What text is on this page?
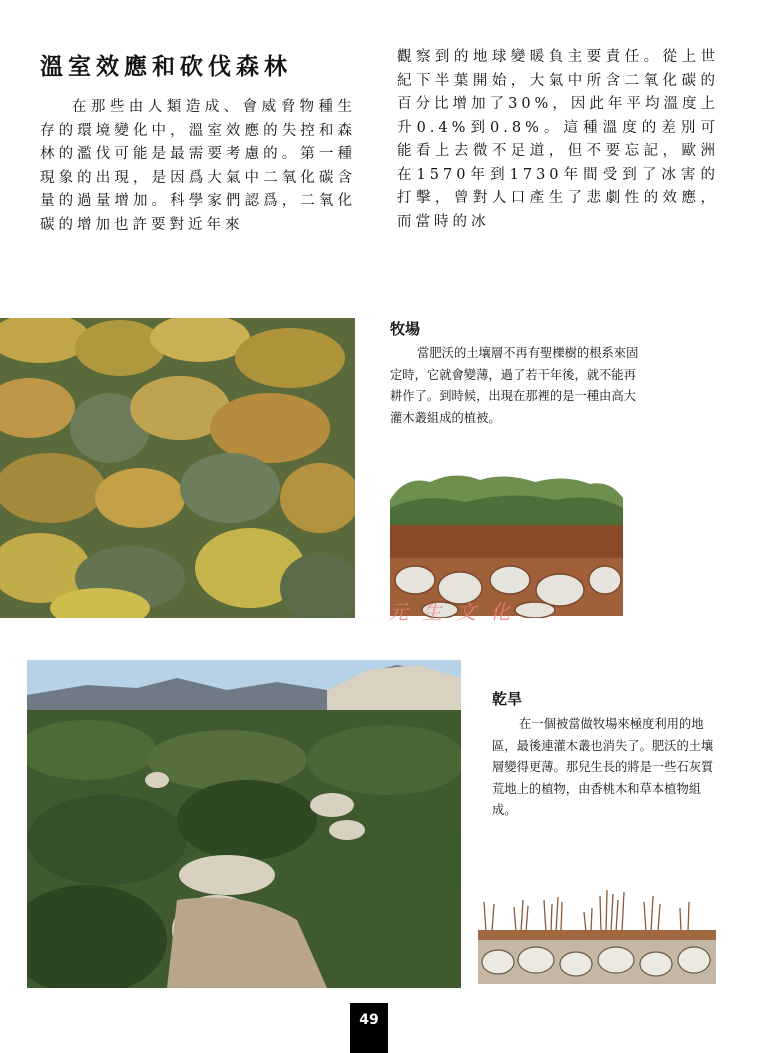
溫室效應和砍伐森林

在那些由人類造成、會威脅物種生存的環境變化中，溫室效應的失控和森林的濫伐可能是最需要考慮的。第一種現象的出現，是因爲大氣中二氧化碳含量的過量增加。科學家們認爲，二氧化碳的增加也許要對近年來

觀察到的地球變暖負主要責任。從上世紀下半葉開始，大氣中所含二氧化碳的百分比增加了30%，因此年平均溫度上升0.4%到0.8%。這種溫度的差別可能看上去微不足道，但不要忘記，歐洲在1570年到1730年間受到了冰害的打擊，曾對人口產生了悲劇性的效應，而當時的冰

牧場
當肥沃的土壤層不再有聖櫟樹的根系來固定時，它就會變薄，過了若干年後，就不能再耕作了。到時候，出現在那裡的是一種由高大灌木叢組成的植被。
元生文化
乾旱
在一個被當做牧場來極度利用的地區，最後連灌木叢也消失了。肥沃的土壤層變得更薄。那兒生長的將是一些石灰質荒地上的植物，由香桃木和草本植物組成。
49
